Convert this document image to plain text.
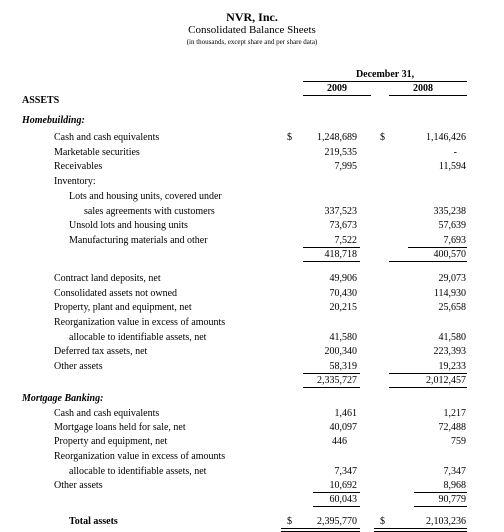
NVR, Inc.
Consolidated Balance Sheets
(in thousands, except share and per share data)
December 31,
2009	2008
ASSETS
Homebuilding:
Cash and cash equivalents	$	1,248,689 $	1,146,426
Marketable securities	219,535	-
Receivables	7,995	11,594
Inventory:
Lots and housing units, covered under
sales agreements with customers	337,523	335,238
Unsold lots and housing units	73,673	57,639
Manufacturing materials and other	7,522	7,693
418,718	400,570
Contract land deposits, net	49,906	29,073
Consolidated assets not owned	70,430	114,930
Property, plant and equipment, net	20,215	25,658
Reorganization value in excess of amounts
allocable to identifiable assets, net	41,580	41,580
Deferred tax assets, net	200,340	223,393
Other assets	58,319	19,233
2,335,727	2,012,457
Mortgage Banking:
Cash and cash equivalents	1,461	1,217
Mortgage loans held for sale, net	40,097	72,488
Property and equipment, net	446	759
Reorganization value in excess of amounts
allocable to identifiable assets, net	7,347	7,347
Other assets	10,692	8,968
60,043	90,779
Total assets	$	2,395,770 $	2,103,236
